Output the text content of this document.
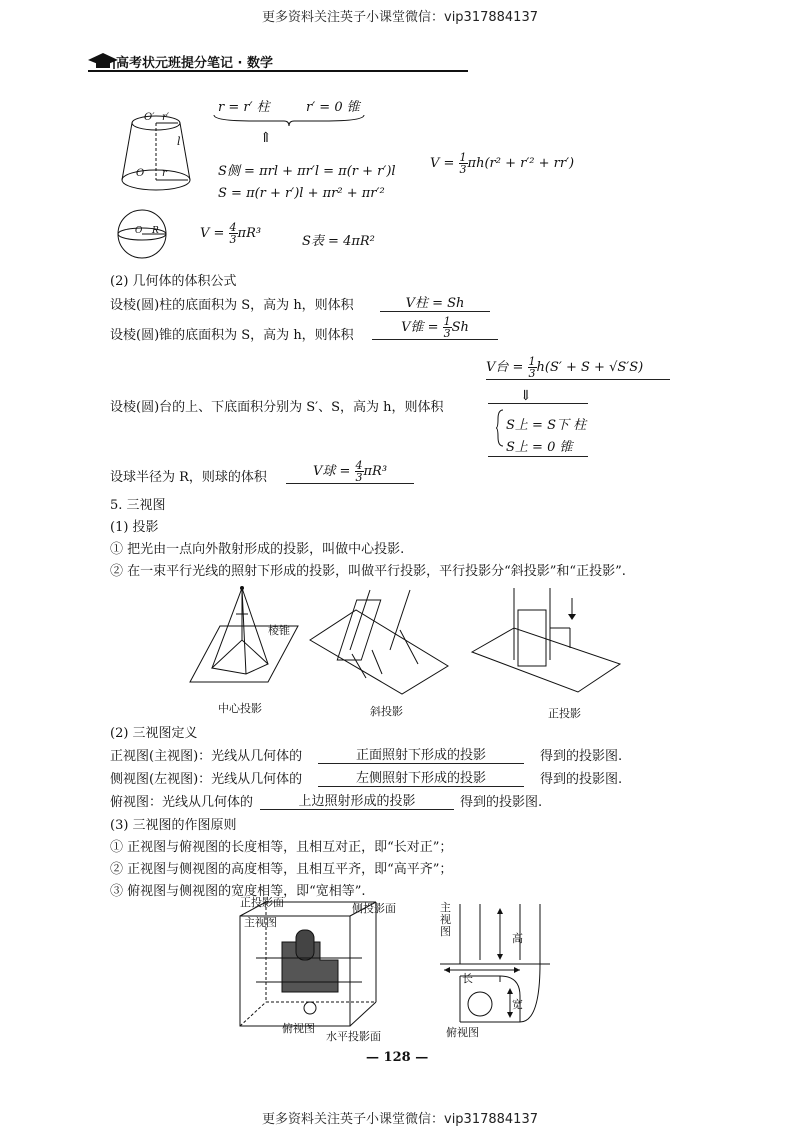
更多资料关注英子小课堂微信：vip317884137
高考状元班提分笔记 · 数学
O′ r′
l
O r
r = r′ 柱	r′ = 0 锥
⇑
S侧 = πrl + πr′l = π(r + r′)l
$V = \frac{1}{3} \pi h(r^2 + r'^2 + rr')$
S = π(r + r′)l + πr² + πr′²
O R	$V = \frac{4}{3} \pi R^3$
S表 = 4πR²
(2) 几何体的体积公式
设棱(圆)柱的底面积为 S，高为 h，则体积	V柱 = Sh
设棱(圆)锥的底面积为 S，高为 h，则体积
V锥 = $\frac{1}{3}$ Sh
V台 = $\frac{1}{3} h(S' + S + √S'S)$
设棱(圆)台的上、下底面积分别为 S′、S，高为 h，则体积
⇓
S上 = S下 柱
S上 = 0 锥
设球半径为 R，则球的体积	V球 = $\frac{4}{3} \pi R^3$
5. 三视图
(1) 投影
① 把光由一点向外散射形成的投影，叫做中心投影.
② 在一束平行光线的照射下形成的投影，叫做平行投影，平行投影分“斜投影”和“正投影”.
棱锥
中心投影	斜投影	正投影
(2) 三视图定义
正视图(主视图)：光线从几何体的	正面照射下形成的投影	得到的投影图.
侧视图(左视图)：光线从几何体的	左侧照射下形成的投影	得到的投影图.
俯视图：光线从几何体的	上边照射形成的投影	得到的投影图.
(3) 三视图的作图原则
① 正视图与俯视图的长度相等，且相互对正，即“长对正”；
② 正视图与侧视图的高度相等，且相互平齐，即“高平齐”；
③ 俯视图与侧视图的宽度相等，即“宽相等”.
正投影面	侧投影面
主视图
俯视图
水平投影面
主视图
高
长
宽
俯视图
— 128 —
更多资料关注英子小课堂微信：vip317884137
